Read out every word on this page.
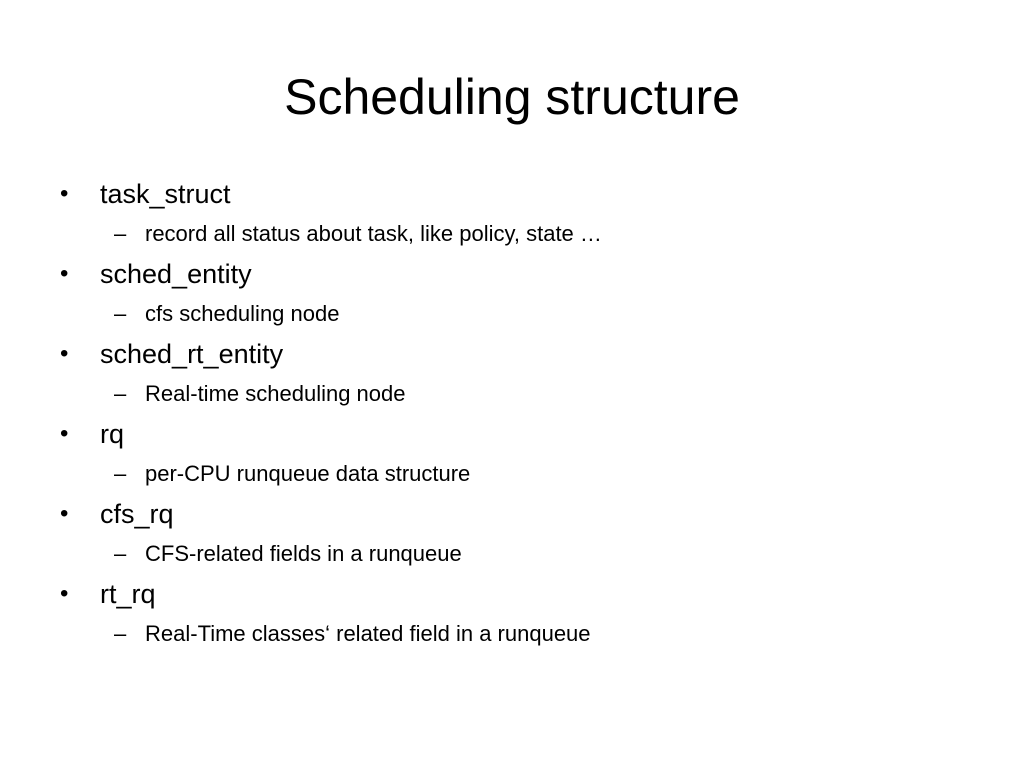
Scheduling structure
•	task_struct
– record all status about task, like policy, state …
•	sched_entity
– cfs scheduling node
•	sched_rt_entity
– Real-time scheduling node
•	rq
– per-CPU runqueue data structure
•	cfs_rq
– CFS-related fields in a runqueue
•	rt_rq
– Real-Time classes‘ related field in a runqueue
